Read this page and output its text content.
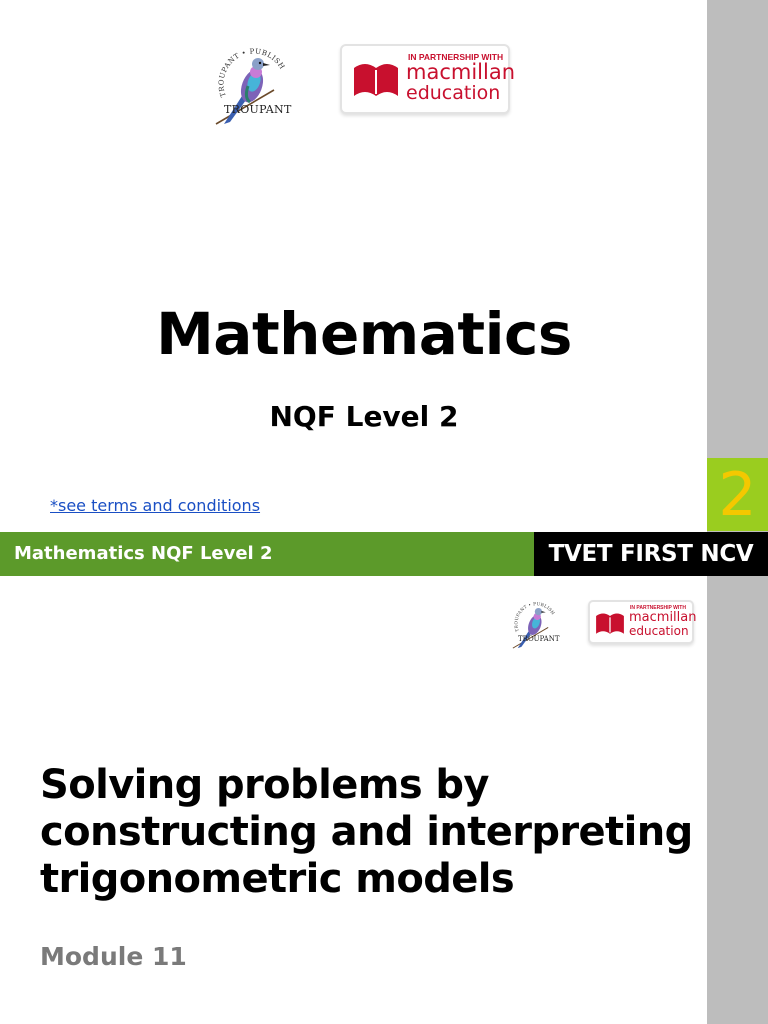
2
TROUPANT • PUBLISH
TROUPANT
IN PARTNERSHIP WITH
macmillan
education
Mathematics
NQF Level 2
*see terms and conditions
Mathematics NQF Level 2	TVET FIRST NCV
TROUPANT • PUBLISH
TROUPANT
IN PARTNERSHIP WITH
macmillan
education
Solving problems by
constructing and interpreting
trigonometric models
Module 11
